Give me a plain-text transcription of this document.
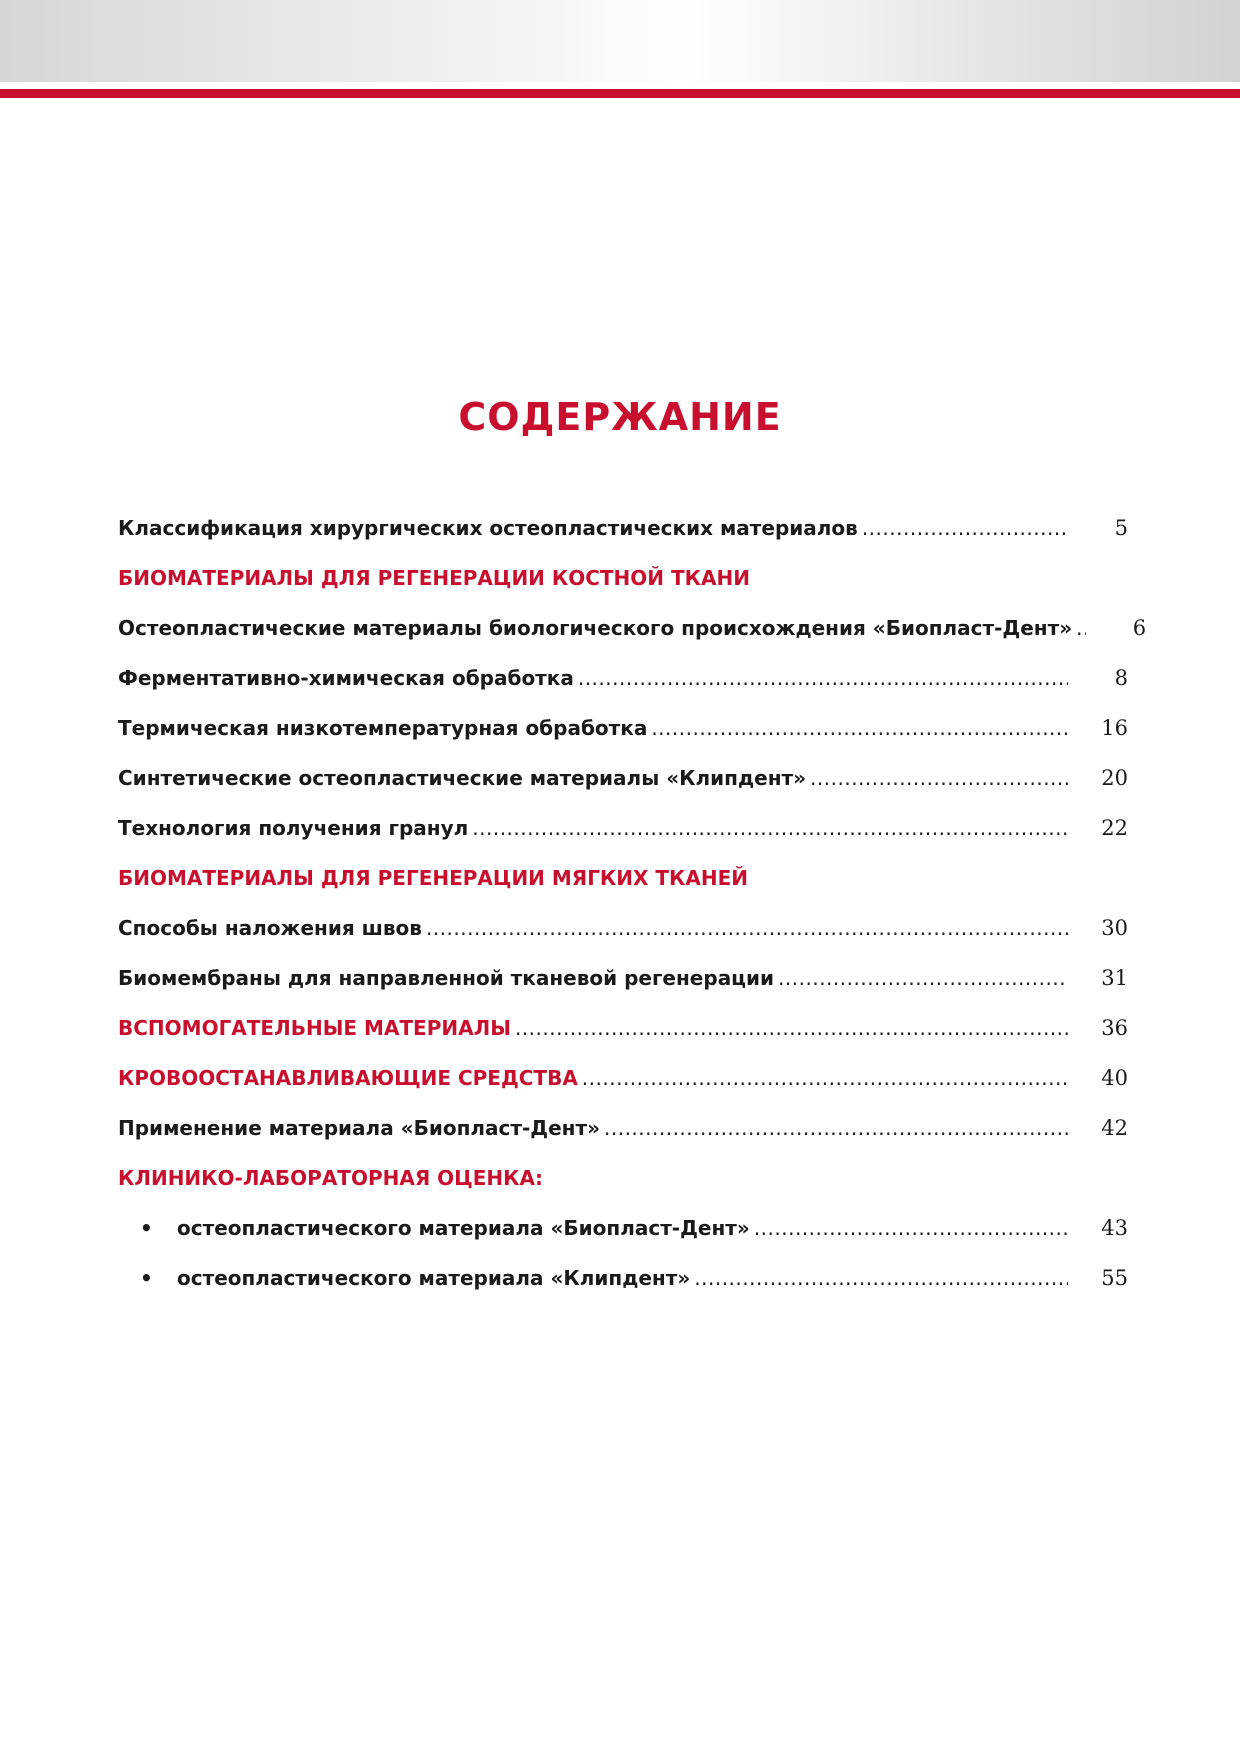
СОДЕРЖАНИЕ
Классификация хирургических остеопластических материалов .....	5
БИОМАТЕРИАЛЫ ДЛЯ РЕГЕНЕРАЦИИ КОСТНОЙ ТКАНИ
Остеопластические материалы биологического происхождения «Биопласт-Дент» .....	6
Ферментативно-химическая обработка .....	8
Термическая низкотемпературная обработка .....	16
Синтетические остеопластические материалы «Клипдент» .....	20
Технология получения гранул .....	22
БИОМАТЕРИАЛЫ ДЛЯ РЕГЕНЕРАЦИИ МЯГКИХ ТКАНЕЙ
Способы наложения швов .....	30
Биомембраны для направленной тканевой регенерации .....	31
ВСПОМОГАТЕЛЬНЫЕ МАТЕРИАЛЫ .....	36
КРОВООСТАНАВЛИВАЮЩИЕ СРЕДСТВА .....	40
Применение материала «Биопласт-Дент» .....	42
КЛИНИКО-ЛАБОРАТОРНАЯ ОЦЕНКА:
• остеопластического материала «Биопласт-Дент» .....	43
• остеопластического материала «Клипдент» .....	55
